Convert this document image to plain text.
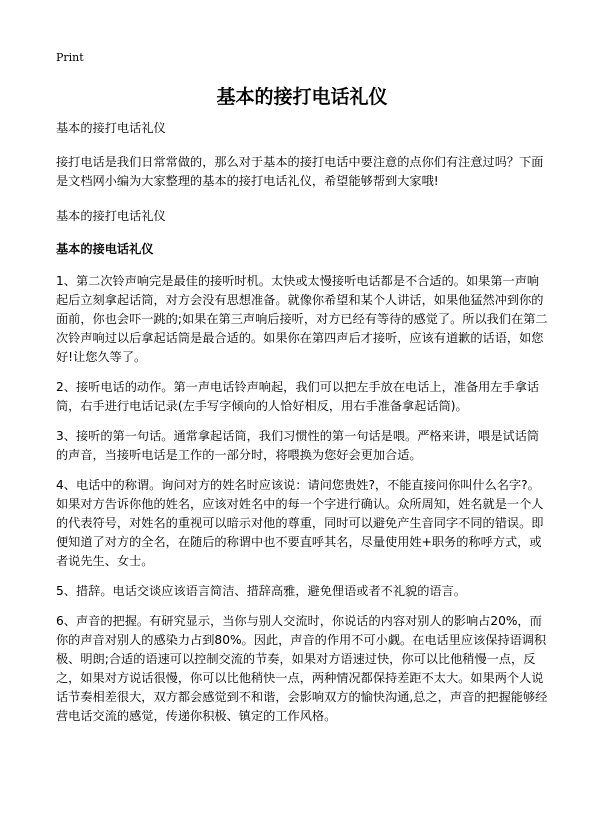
Print
基本的接打电话礼仪

基本的接打电话礼仪

接打电话是我们日常常做的，那么对于基本的接打电话中要注意的点你们有注意过吗？下面是文档网小编为大家整理的基本的接打电话礼仪，希望能够帮到大家哦!

基本的接打电话礼仪

基本的接电话礼仪

1、第二次铃声响完是最佳的接听时机。太快或太慢接听电话都是不合适的。如果第一声响起后立刻拿起话筒，对方会没有思想准备。就像你希望和某个人讲话，如果他猛然冲到你的面前，你也会吓一跳的;如果在第三声响后接听，对方已经有等待的感觉了。所以我们在第二次铃声响过以后拿起话筒是最合适的。如果你在第四声后才接听，应该有道歉的话语，如您好!让您久等了。

2、接听电话的动作。第一声电话铃声响起，我们可以把左手放在电话上，准备用左手拿话筒，右手进行电话记录(左手写字倾向的人恰好相反，用右手准备拿起话筒)。

3、接听的第一句话。通常拿起话筒，我们习惯性的第一句话是喂。严格来讲，喂是试话筒的声音，当接听电话是工作的一部分时，将喂换为您好会更加合适。

4、电话中的称谓。询问对方的姓名时应该说：请问您贵姓?，不能直接问你叫什么名字?。如果对方告诉你他的姓名，应该对姓名中的每一个字进行确认。众所周知，姓名就是一个人的代表符号，对姓名的重视可以暗示对他的尊重，同时可以避免产生音同字不同的错误。即便知道了对方的全名，在随后的称谓中也不要直呼其名，尽量使用姓+职务的称呼方式，或者说先生、女士。

5、措辞。电话交谈应该语言简洁、措辞高雅，避免俚语或者不礼貌的语言。

6、声音的把握。有研究显示，当你与别人交流时，你说话的内容对别人的影响占20%，而你的声音对别人的感染力占到80%。因此，声音的作用不可小觑。在电话里应该保持语调积极、明朗;合适的语速可以控制交流的节奏，如果对方语速过快，你可以比他稍慢一点，反之，如果对方说话很慢，你可以比他稍快一点，两种情况都保持差距不太大。如果两个人说话节奏相差很大，双方都会感觉到不和谐，会影响双方的愉快沟通,总之，声音的把握能够经营电话交流的感觉，传递你积极、镇定的工作风格。
